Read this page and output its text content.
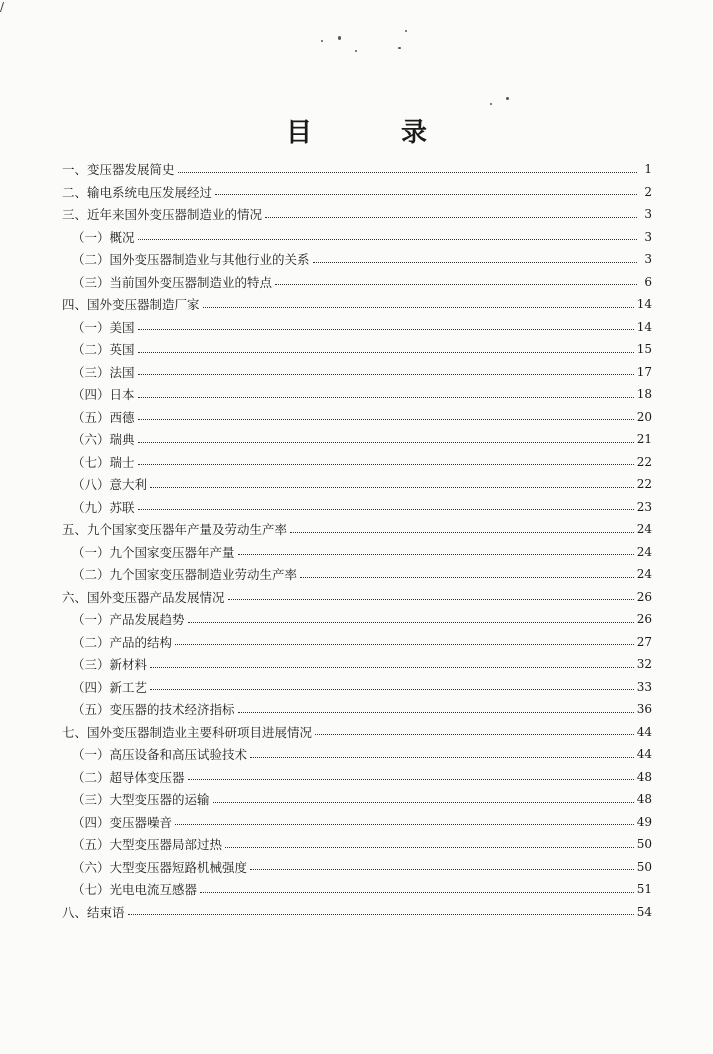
/
目 录
一、变压器发展简史	1
二、输电系统电压发展经过	2
三、近年来国外变压器制造业的情况	3
（一）概况	3
（二）国外变压器制造业与其他行业的关系	3
（三）当前国外变压器制造业的特点	6
四、国外变压器制造厂家	14
（一）美国	14
（二）英国	15
（三）法国	17
（四）日本	18
（五）西德	20
（六）瑞典	21
（七）瑞士	22
（八）意大利	22
（九）苏联	23
五、九个国家变压器年产量及劳动生产率	24
（一）九个国家变压器年产量	24
（二）九个国家变压器制造业劳动生产率	24
六、国外变压器产品发展情况	26
（一）产品发展趋势	26
（二）产品的结构	27
（三）新材料	32
（四）新工艺	33
（五）变压器的技术经济指标	36
七、国外变压器制造业主要科研项目进展情况	44
（一）高压设备和高压试验技术	44
（二）超导体变压器	48
（三）大型变压器的运输	48
（四）变压器噪音	49
（五）大型变压器局部过热	50
（六）大型变压器短路机械强度	50
（七）光电电流互感器	51
八、结束语	54
